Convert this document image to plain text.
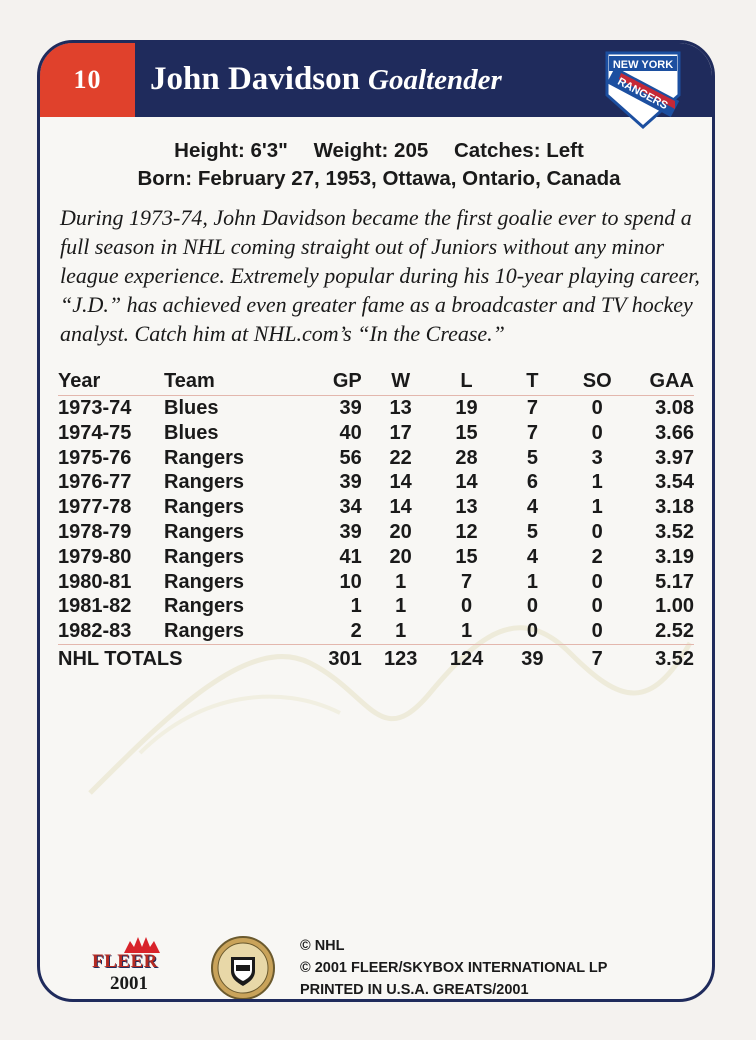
10	John Davidson Goaltender	NEW YORK
RANGERS
Height: 6'3" Weight: 205 Catches: Left
Born: February 27, 1953, Ottawa, Ontario, Canada
During 1973-74, John Davidson became the first goalie ever to spend a full season in NHL coming straight out of Juniors without any minor league experience. Extremely popular during his 10-year playing career, “J.D.” has achieved even greater fame as a broadcaster and TV hockey analyst. Catch him at NHL.com’s “In the Crease.”
Year	Team	GP	W	L	T	SO	GAA
1973-74	Blues	39	13	19	7	0	3.08
1974-75	Blues	40	17	15	7	0	3.66
1975-76	Rangers	56	22	28	5	3	3.97
1976-77	Rangers	39	14	14	6	1	3.54
1977-78	Rangers	34	14	13	4	1	3.18
1978-79	Rangers	39	20	12	5	0	3.52
1979-80	Rangers	41	20	15	4	2	3.19
1980-81	Rangers	10	1	7	1	0	5.17
1981-82	Rangers	1	1	0	0	0	1.00
1982-83	Rangers	2	1	1	0	0	2.52
NHL TOTALS		301	123	124	39	7	3.52
FLEER
2001
© NHL
© 2001 FLEER/SKYBOX INTERNATIONAL LP
PRINTED IN U.S.A. GREATS/2001
